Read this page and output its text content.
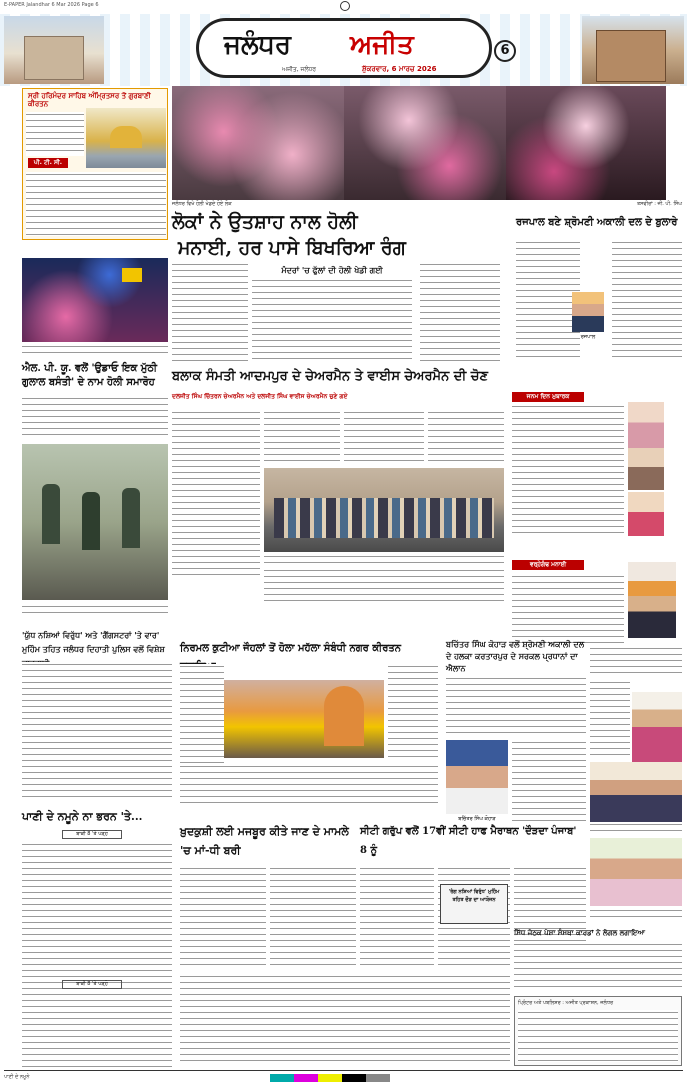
E-PAPER Jalandhar 6 Mar 2026 Page 6
ਜਲੰਧਰ	ਅਜੀਤ	6
ਅਜੀਤ, ਜਲੰਧਰ	ਸ਼ੁੱਕਰਵਾਰ, 6 ਮਾਰਚ 2026
ਸ੍ਰੀ ਹਰਿਮੰਦਰ ਸਾਹਿਬ ਅੰਮ੍ਰਿਤਸਰ ਤੋਂ ਗੁਰਬਾਣੀ ਕੀਰਤਨ
ਪੀ. ਟੀ. ਸੀ.
ਜਲੰਧਰ ਵਿਖੇ ਹੋਲੀ ਖੇਡਦੇ ਹੋਏ ਲੋਕ	ਤਸਵੀਰਾਂ : ਜੀ. ਪੀ. ਸਿੰਘ
ਲੋਕਾਂ ਨੇ ਉਤਸ਼ਾਹ ਨਾਲ ਹੋਲੀ
ਮਨਾਈ, ਹਰ ਪਾਸੇ ਬਿਖਰਿਆ ਰੰਗ
ਰਜਪਾਲ ਬਣੇ ਸ਼੍ਰੋਮਣੀ ਅਕਾਲੀ ਦਲ ਦੇ ਬੁਲਾਰੇ
ਮੰਦਰਾਂ 'ਚ ਫੁੱਲਾਂ ਦੀ ਹੋਲੀ ਖੇਡੀ ਗਈ
ਰਜਪਾਲ
ਐਲ. ਪੀ. ਯੂ. ਵਲੋਂ 'ਉਡਾਓ ਇਕ ਮੁੱਠੀ ਗੁਲਾਲ ਬਸੰਤੀ' ਦੇ ਨਾਮ ਹੋਲੀ ਸਮਾਰੋਹ	ਬਲਾਕ ਸੰਮਤੀ ਆਦਮਪੁਰ ਦੇ ਚੇਅਰਮੈਨ ਤੇ ਵਾਈਸ ਚੇਅਰਮੈਨ ਦੀ ਚੋਣ
ਦਲਜੀਤ ਸਿੰਘ ਚਿੱਤਰਨ ਚੇਅਰਮੈਨ ਅਤੇ ਦਲਜੀਤ ਸਿੰਘ ਵਾਈਸ ਚੇਅਰਮੈਨ ਚੁਣੇ ਗਏ	ਜਨਮ ਦਿਨ ਮੁਬਾਰਕ
ਵਰ੍ਹੇਗੰਢ ਮਨਾਈ
'ਯੁੱਧ ਨਸ਼ਿਆਂ ਵਿਰੁੱਧ' ਅਤੇ 'ਗੈਂਗਸਟਰਾਂ 'ਤੇ ਵਾਰ' ਮੁਹਿੰਮ ਤਹਿਤ ਜਲੰਧਰ ਦਿਹਾਤੀ ਪੁਲਿਸ ਵਲੋਂ ਵਿਸ਼ੇਸ਼
ਪਾਣੀ ਦੇ ਨਮੂਨੇ ਨਾ ਭਰਨ 'ਤੇ...
ਬਾਕੀ 8 'ਤੇ ਪੜ੍ਹੋ
ਨਿਰਮਲ ਕੁਟੀਆ ਜੌਹਲਾਂ ਤੋਂ ਹੋਲਾ ਮਹੱਲਾ ਸੰਬੰਧੀ ਨਗਰ ਕੀਰਤਨ	ਬਚਿੱਤਰ ਸਿੰਘ ਕੋਹਾੜ ਵਲੋਂ ਸ਼੍ਰੋਮਣੀ ਅਕਾਲੀ ਦਲ ਦੇ ਹਲਕਾ ਕਰਤਾਰਪੁਰ ਦੇ ਸਰਕਲ ਪ੍ਰਧਾਨਾਂ ਦਾ ਐਲਾਨ
ਬਚਿੱਤਰ ਸਿੰਘ ਕੋਹਾੜ
ਖ਼ੁਦਕੁਸ਼ੀ ਲਈ ਮਜਬੂਰ ਕੀਤੇ ਜਾਣ ਦੇ ਮਾਮਲੇ 'ਚ ਮਾਂ-ਧੀ ਬਰੀ
ਸੀਟੀ ਗਰੁੱਪ ਵਲੋਂ 17ਵੀਂ ਸੀਟੀ ਹਾਫ ਮੈਰਾਥਨ 'ਦੌੜਦਾ ਪੰਜਾਬ' 8 ਨੂੰ
'ਰੰਗ ਨਸ਼ਿਆਂ ਵਿਰੁੱਧ' ਮੁਹਿੰਮ ਤਹਿਤ ਦੌੜ ਦਾ ਆਯੋਜਨ
ਸਿੱਧ ਜੇਠਕ ਪੇਸ਼ਾ ਸੰਸਥਾ ਕਾਰਡਾਂ ਨੇ ਲੋਗਲ ਲਗਾਇਆ
ਬਾਕੀ 8 'ਤੇ ਪੜ੍ਹੋ
ਪ੍ਰਿੰਟਰ ਅਤੇ ਪਬਲਿਸ਼ਰ : ਅਜੀਤ ਪ੍ਰਕਾਸ਼ਨ, ਜਲੰਧਰ
ਪਾਣੀ ਦੇ ਨਮੂਨੇ
